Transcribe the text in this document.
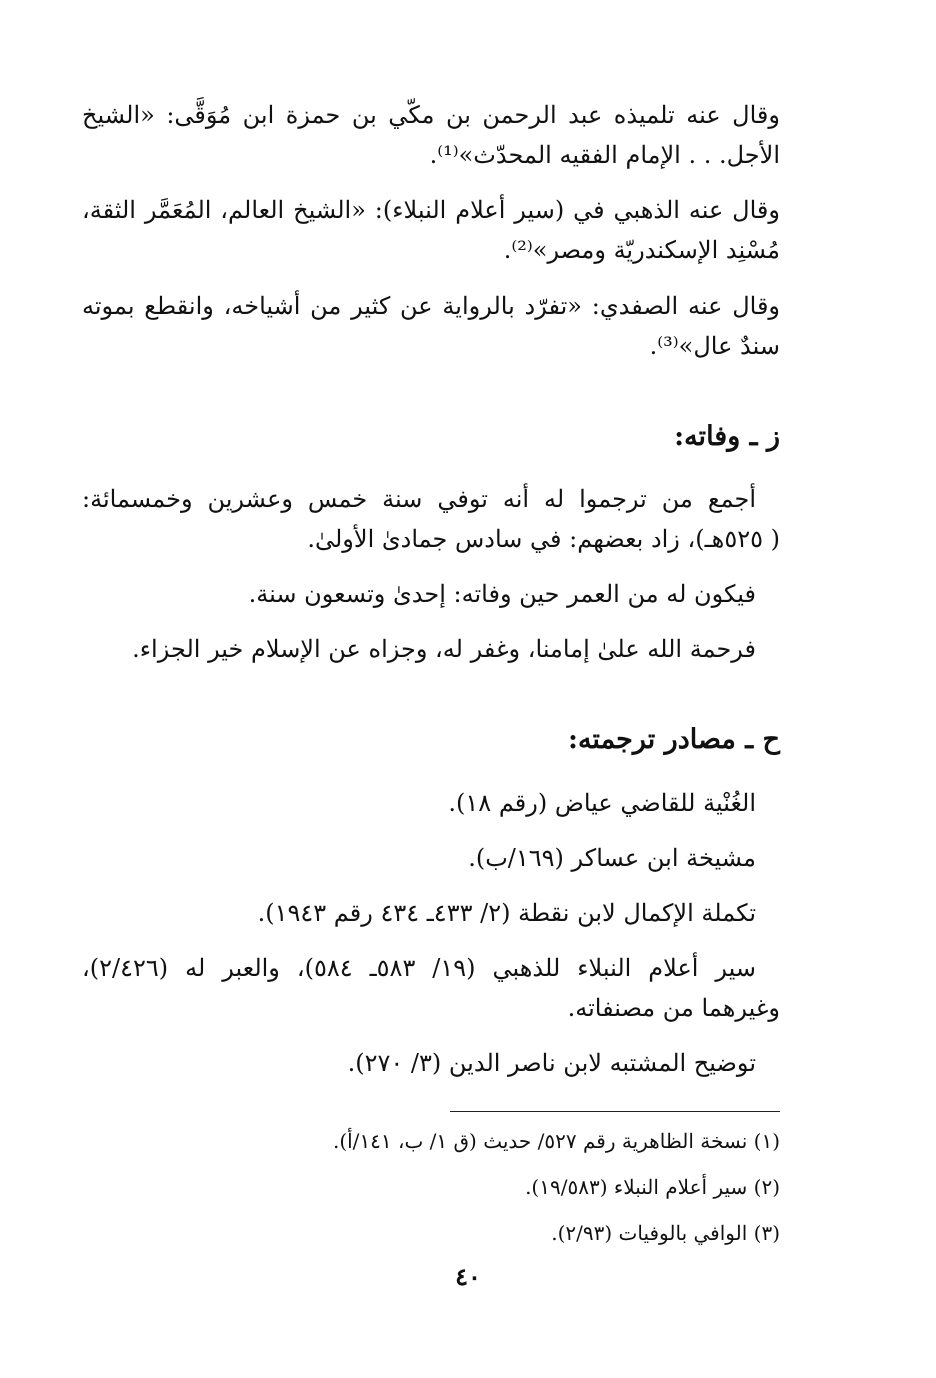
وقال عنه تلميذه عبد الرحمن بن مكّي بن حمزة ابن مُوَقَّى: «الشيخ
الأجل. . . الإمام الفقيه المحدّث»⁽¹⁾.
وقال عنه الذهبي في (سير أعلام النبلاء): «الشيخ العالم، المُعَمَّر الثقة،
مُسْنِد الإسكندريّة ومصر»⁽²⁾.
وقال عنه الصفدي: «تفرّد بالرواية عن كثير من أشياخه، وانقطع بموته
سندٌ عال»⁽³⁾.
ز ـ وفاته:
أجمع من ترجموا له أنه توفي سنة خمس وعشرين وخمسمائة:
( ٥٢٥هـ)، زاد بعضهم: في سادس جمادىٰ الأولىٰ.
فيكون له من العمر حين وفاته: إحدىٰ وتسعون سنة.
فرحمة الله علىٰ إمامنا، وغفر له، وجزاه عن الإسلام خير الجزاء.
ح ـ مصادر ترجمته:
الغُنْية للقاضي عياض (رقم ١٨).
مشيخة ابن عساكر (١٦٩/ب).
تكملة الإكمال لابن نقطة (٢/ ٤٣٣ـ ٤٣٤ رقم ١٩٤٣).
سير أعلام النبلاء للذهبي (١٩/ ٥٨٣ـ ٥٨٤)، والعبر له (٢/٤٢٦)،
وغيرهما من مصنفاته.
توضيح المشتبه لابن ناصر الدين (٣/ ٢٧٠).
(١) نسخة الظاهرية رقم ٥٢٧/ حديث (ق ١/ ب، ١٤١/أ).
(٢) سير أعلام النبلاء (١٩/٥٨٣).
(٣) الوافي بالوفيات (٢/٩٣).
٤٠
